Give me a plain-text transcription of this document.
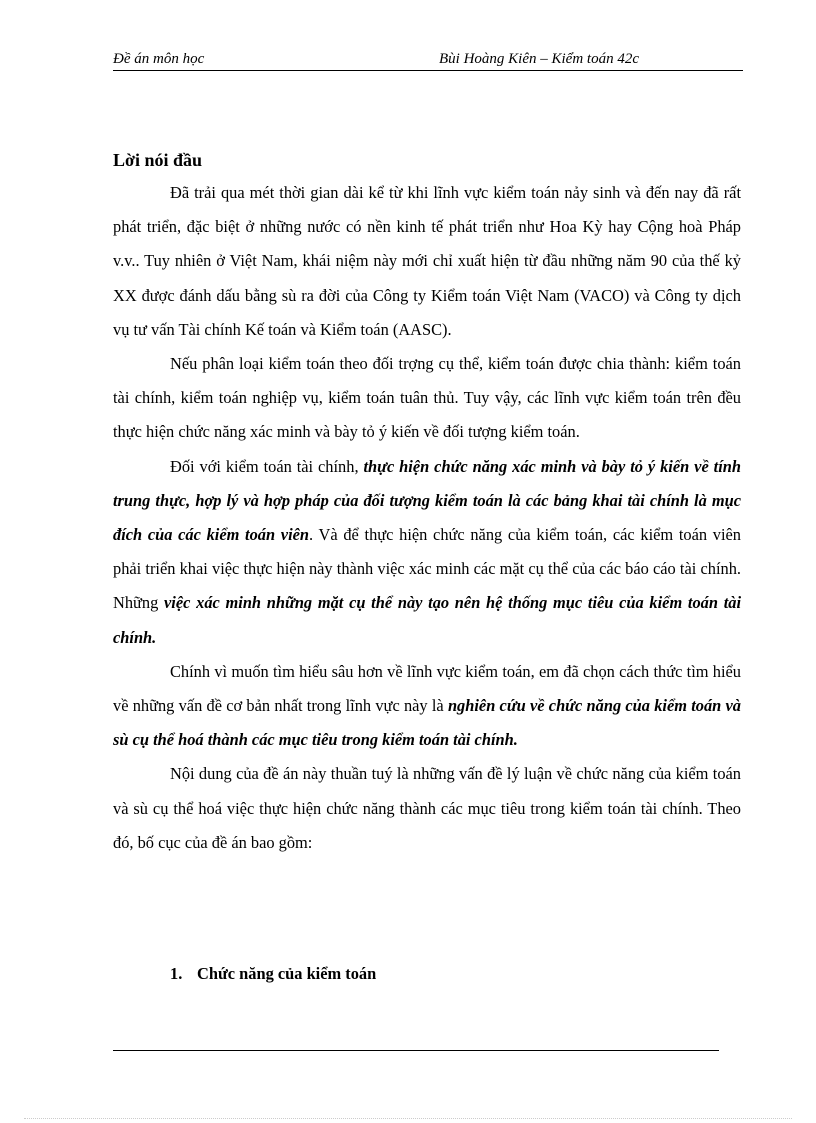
Đề án môn học	Bùi Hoàng Kiên – Kiểm toán 42c
Lời nói đầu

Đã trải qua mét thời gian dài kể từ khi lĩnh vực kiểm toán nảy sinh và đến nay đã rất phát triển, đặc biệt ở những nước có nền kinh tế phát triển như Hoa Kỳ hay Cộng hoà Pháp v.v.. Tuy nhiên ở Việt Nam, khái niệm này mới chỉ xuất hiện từ đầu những năm 90 của thế kỷ XX được đánh dấu bằng sù ra đời của Công ty Kiểm toán Việt Nam (VACO) và Công ty dịch vụ tư vấn Tài chính Kế toán và Kiểm toán (AASC).

Nếu phân loại kiểm toán theo đối trợng cụ thể, kiểm toán được chia thành: kiểm toán tài chính, kiểm toán nghiệp vụ, kiểm toán tuân thủ. Tuy vậy, các lĩnh vực kiểm toán trên đều thực hiện chức năng xác minh và bày tỏ ý kiến về đối tượng kiểm toán.

Đối với kiểm toán tài chính, thực hiện chức năng xác minh và bày tỏ ý kiến về tính trung thực, hợp lý và hợp pháp của đối tượng kiểm toán là các bảng khai tài chính là mục đích của các kiểm toán viên. Và để thực hiện chức năng của kiểm toán, các kiểm toán viên phải triển khai việc thực hiện này thành việc xác minh các mặt cụ thể của các báo cáo tài chính. Những việc xác minh những mặt cụ thể này tạo nên hệ thống mục tiêu của kiểm toán tài chính.

Chính vì muốn tìm hiểu sâu hơn về lĩnh vực kiểm toán, em đã chọn cách thức tìm hiểu về những vấn đề cơ bản nhất trong lĩnh vực này là nghiên cứu về chức năng của kiểm toán và sù cụ thể hoá thành các mục tiêu trong kiểm toán tài chính.

Nội dung của đề án này thuần tuý là những vấn đề lý luận về chức năng của kiểm toán và sù cụ thể hoá việc thực hiện chức năng thành các mục tiêu trong kiểm toán tài chính. Theo đó, bố cục của đề án bao gồm:

1. Chức năng của kiểm toán
